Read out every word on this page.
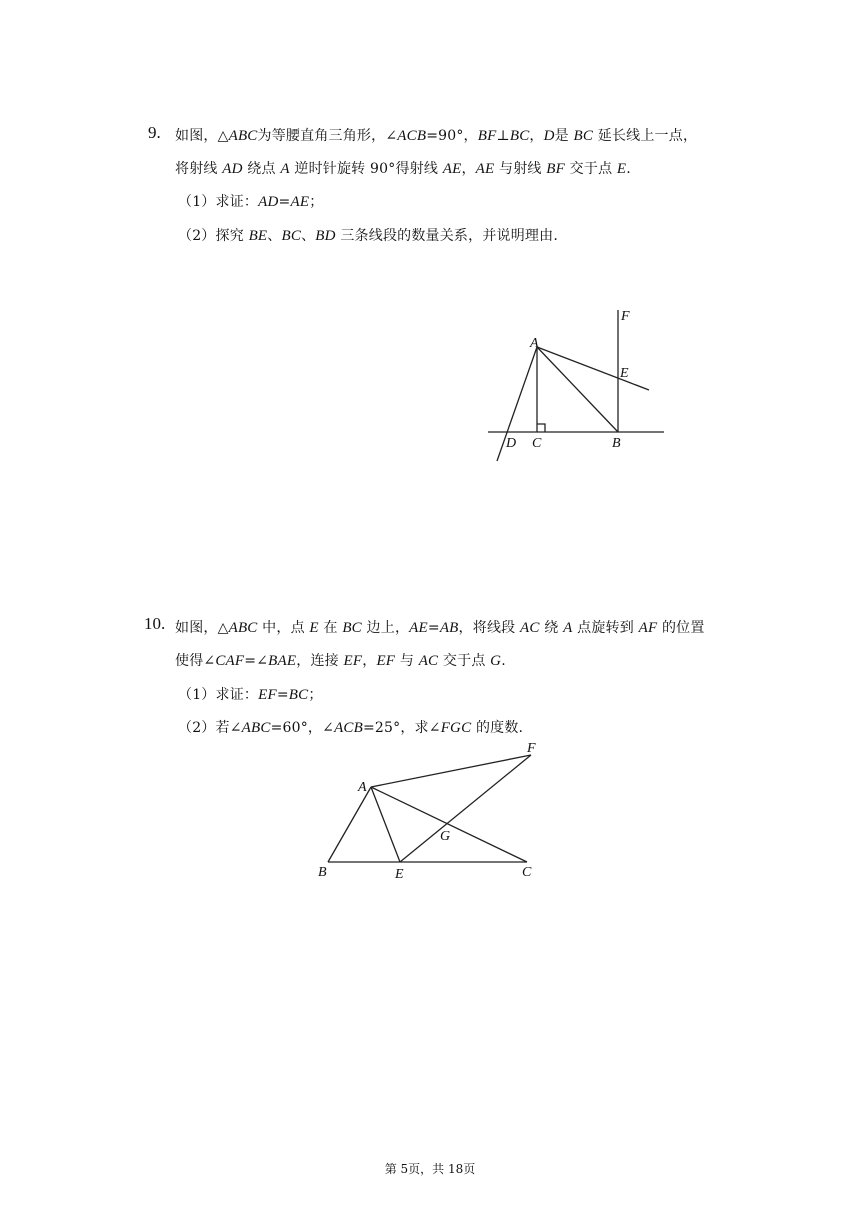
9. 如图，△ABC为等腰直角三角形，∠ACB=90°，BF⊥BC，D是 BC 延长线上一点，
将射线 AD 绕点 A 逆时针旋转 90°得射线 AE，AE 与射线 BF 交于点 E.
（1）求证：AD=AE；
（2）探究 BE、BC、BD 三条线段的数量关系，并说明理由.
A
F
E
D C	B
10. 如图，△ABC 中，点 E 在 BC 边上，AE=AB，将线段 AC 绕 A 点旋转到 AF 的位置
使得∠CAF=∠BAE，连接 EF，EF 与 AC 交于点 G.
（1）求证：EF=BC；
（2）若∠ABC=60°，∠ACB=25°，求∠FGC 的度数.
A
F
G
B	E	C
第 5页，共 18页
